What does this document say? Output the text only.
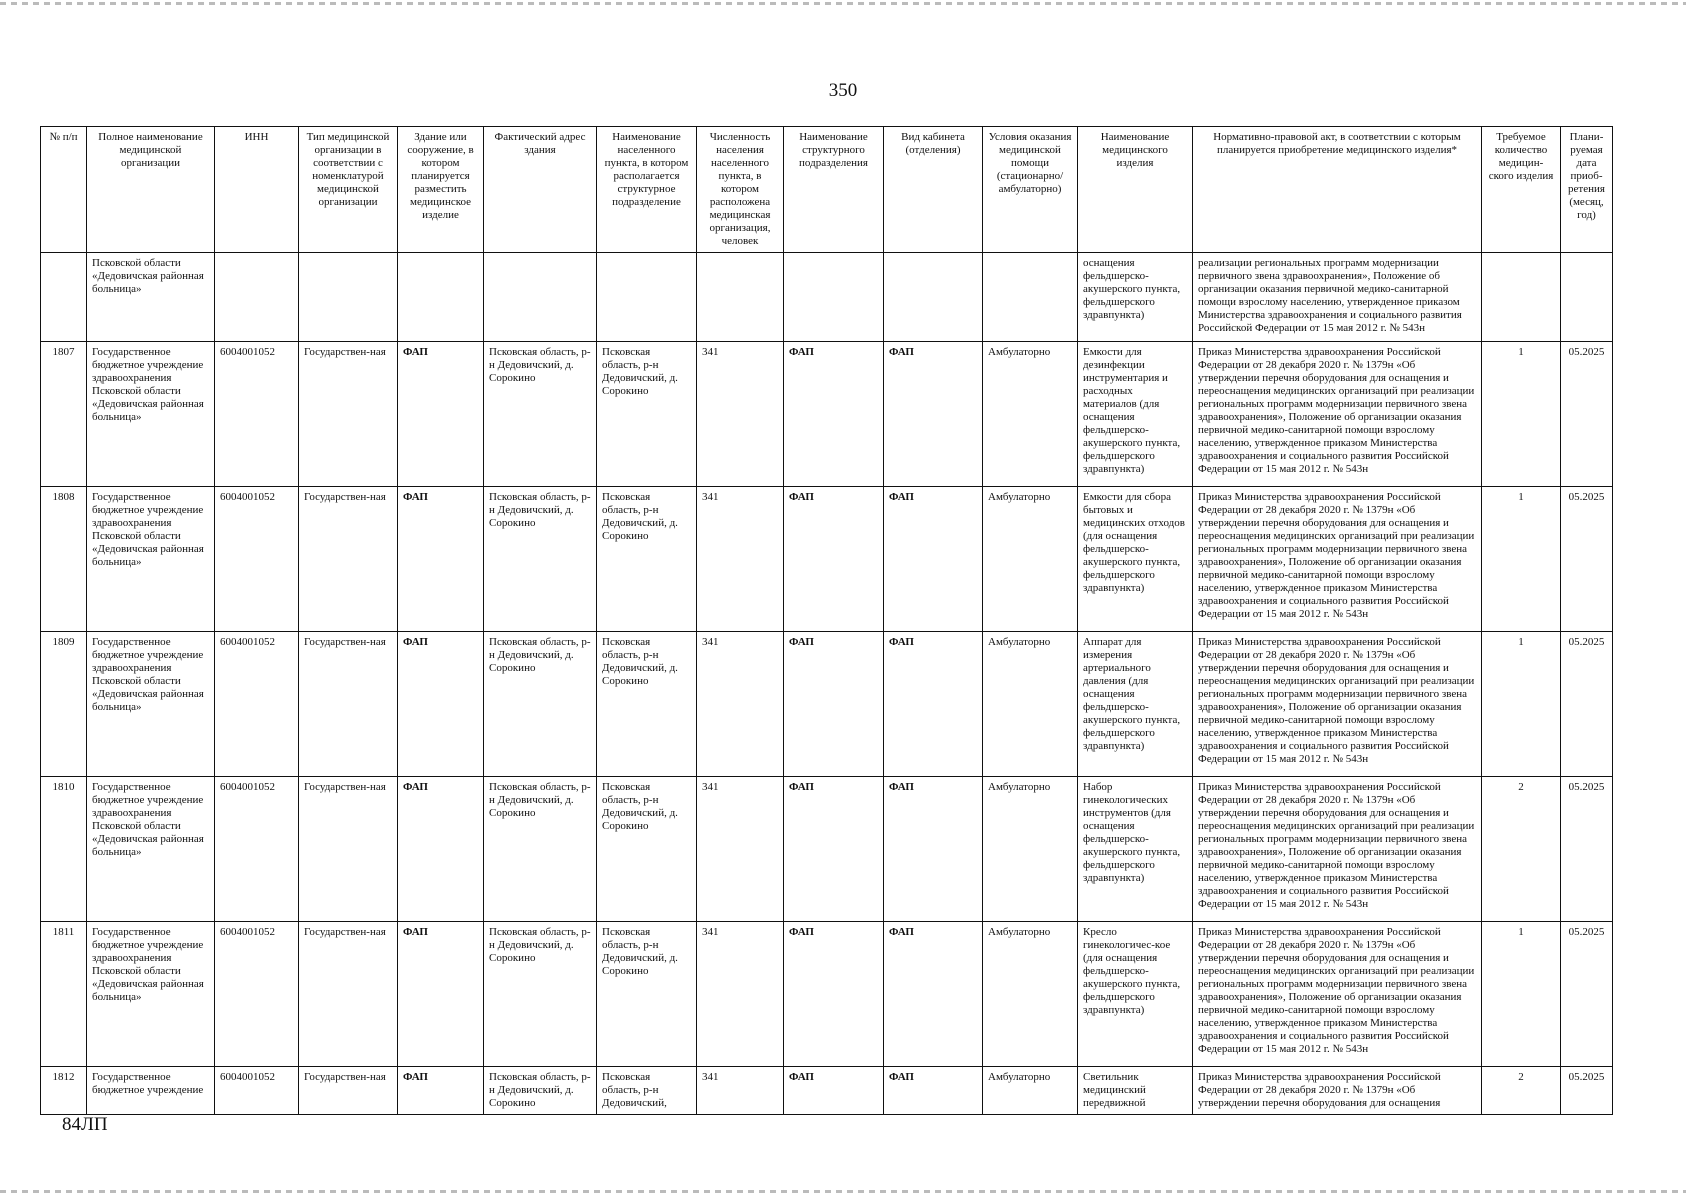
350
№ п/п	Полное наименование медицинской организации	ИНН	Тип медицинской организации в соответствии с номенклатурой медицинской организации	Здание или сооружение, в котором планируется разместить медицинское изделие	Фактический адрес здания	Наименование населенного пункта, в котором располагается структурное подразделение	Численность населения населенного пункта, в котором расположена медицинская организация, человек	Наименование структурного подразделения	Вид кабинета (отделения)	Условия оказания медицинской помощи (стационарно/ амбулаторно)	Наименование медицинского изделия	Нормативно-правовой акт, в соответствии с которым планируется приобретение медицинского изделия*	Требуемое количество медицин-ского изделия	Плани-руемая дата приоб-ретения (месяц, год)
	Псковской области «Дедовичская районная больница»										оснащения фельдшерско-акушерского пункта, фельдшерского здравпункта)	реализации региональных программ модернизации первичного звена здравоохранения», Положение об организации оказания первичной медико-санитарной помощи взрослому населению, утвержденное приказом Министерства здравоохранения и социального развития Российской Федерации от 15 мая 2012 г. № 543н		
1807	Государственное бюджетное учреждение здравоохранения Псковской области «Дедовичская районная больница»	6004001052	Государствен-ная	ФАП	Псковская область, р-н Дедовичский, д. Сорокино	Псковская область, р-н Дедовичский, д. Сорокино	341	ФАП	ФАП	Амбулаторно	Емкости для дезинфекции инструментария и расходных материалов (для оснащения фельдшерско-акушерского пункта, фельдшерского здравпункта)	Приказ Министерства здравоохранения Российской Федерации от 28 декабря 2020 г. № 1379н «Об утверждении перечня оборудования для оснащения и переоснащения медицинских организаций при реализации региональных программ модернизации первичного звена здравоохранения», Положение об организации оказания первичной медико-санитарной помощи взрослому населению, утвержденное приказом Министерства здравоохранения и социального развития Российской Федерации от 15 мая 2012 г. № 543н	1	05.2025
1808	Государственное бюджетное учреждение здравоохранения Псковской области «Дедовичская районная больница»	6004001052	Государствен-ная	ФАП	Псковская область, р-н Дедовичский, д. Сорокино	Псковская область, р-н Дедовичский, д. Сорокино	341	ФАП	ФАП	Амбулаторно	Емкости для сбора бытовых и медицинских отходов (для оснащения фельдшерско-акушерского пункта, фельдшерского здравпункта)	Приказ Министерства здравоохранения Российской Федерации от 28 декабря 2020 г. № 1379н «Об утверждении перечня оборудования для оснащения и переоснащения медицинских организаций при реализации региональных программ модернизации первичного звена здравоохранения», Положение об организации оказания первичной медико-санитарной помощи взрослому населению, утвержденное приказом Министерства здравоохранения и социального развития Российской Федерации от 15 мая 2012 г. № 543н	1	05.2025
1809	Государственное бюджетное учреждение здравоохранения Псковской области «Дедовичская районная больница»	6004001052	Государствен-ная	ФАП	Псковская область, р-н Дедовичский, д. Сорокино	Псковская область, р-н Дедовичский, д. Сорокино	341	ФАП	ФАП	Амбулаторно	Аппарат для измерения артериального давления (для оснащения фельдшерско-акушерского пункта, фельдшерского здравпункта)	Приказ Министерства здравоохранения Российской Федерации от 28 декабря 2020 г. № 1379н «Об утверждении перечня оборудования для оснащения и переоснащения медицинских организаций при реализации региональных программ модернизации первичного звена здравоохранения», Положение об организации оказания первичной медико-санитарной помощи взрослому населению, утвержденное приказом Министерства здравоохранения и социального развития Российской Федерации от 15 мая 2012 г. № 543н	1	05.2025
1810	Государственное бюджетное учреждение здравоохранения Псковской области «Дедовичская районная больница»	6004001052	Государствен-ная	ФАП	Псковская область, р-н Дедовичский, д. Сорокино	Псковская область, р-н Дедовичский, д. Сорокино	341	ФАП	ФАП	Амбулаторно	Набор гинекологических инструментов (для оснащения фельдшерско-акушерского пункта, фельдшерского здравпункта)	Приказ Министерства здравоохранения Российской Федерации от 28 декабря 2020 г. № 1379н «Об утверждении перечня оборудования для оснащения и переоснащения медицинских организаций при реализации региональных программ модернизации первичного звена здравоохранения», Положение об организации оказания первичной медико-санитарной помощи взрослому населению, утвержденное приказом Министерства здравоохранения и социального развития Российской Федерации от 15 мая 2012 г. № 543н	2	05.2025
1811	Государственное бюджетное учреждение здравоохранения Псковской области «Дедовичская районная больница»	6004001052	Государствен-ная	ФАП	Псковская область, р-н Дедовичский, д. Сорокино	Псковская область, р-н Дедовичский, д. Сорокино	341	ФАП	ФАП	Амбулаторно	Кресло гинекологичес-кое (для оснащения фельдшерско-акушерского пункта, фельдшерского здравпункта)	Приказ Министерства здравоохранения Российской Федерации от 28 декабря 2020 г. № 1379н «Об утверждении перечня оборудования для оснащения и переоснащения медицинских организаций при реализации региональных программ модернизации первичного звена здравоохранения», Положение об организации оказания первичной медико-санитарной помощи взрослому населению, утвержденное приказом Министерства здравоохранения и социального развития Российской Федерации от 15 мая 2012 г. № 543н	1	05.2025
1812	Государственное бюджетное учреждение	6004001052	Государствен-ная	ФАП	Псковская область, р-н Дедовичский, д. Сорокино	Псковская область, р-н Дедовичский,	341	ФАП	ФАП	Амбулаторно	Светильник медицинский передвижной	Приказ Министерства здравоохранения Российской Федерации от 28 декабря 2020 г. № 1379н «Об утверждении перечня оборудования для оснащения	2	05.2025
84ЛП
